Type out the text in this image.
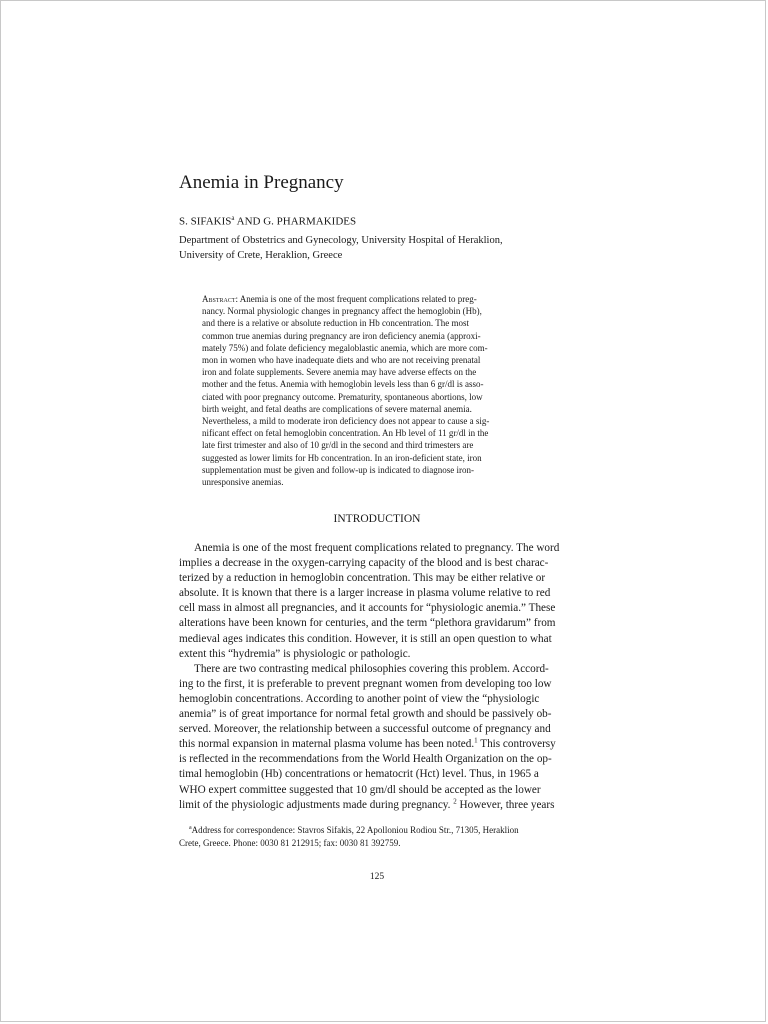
Anemia in Pregnancy
S. SIFAKIS$^a$ AND G. PHARMAKIDES
Department of Obstetrics and Gynecology, University Hospital of Heraklion,
University of Crete, Heraklion, Greece
Abstract: Anemia is one of the most frequent complications related to preg-
nancy. Normal physiologic changes in pregnancy affect the hemoglobin (Hb),
and there is a relative or absolute reduction in Hb concentration. The most
common true anemias during pregnancy are iron deficiency anemia (approxi-
mately 75%) and folate deficiency megaloblastic anemia, which are more com-
mon in women who have inadequate diets and who are not receiving prenatal
iron and folate supplements. Severe anemia may have adverse effects on the
mother and the fetus. Anemia with hemoglobin levels less than 6 gr/dl is asso-
ciated with poor pregnancy outcome. Prematurity, spontaneous abortions, low
birth weight, and fetal deaths are complications of severe maternal anemia.
Nevertheless, a mild to moderate iron deficiency does not appear to cause a sig-
nificant effect on fetal hemoglobin concentration. An Hb level of 11 gr/dl in the
late first trimester and also of 10 gr/dl in the second and third trimesters are
suggested as lower limits for Hb concentration. In an iron-deficient state, iron
supplementation must be given and follow-up is indicated to diagnose iron-
unresponsive anemias.
INTRODUCTION
Anemia is one of the most frequent complications related to pregnancy. The word
implies a decrease in the oxygen-carrying capacity of the blood and is best charac-
terized by a reduction in hemoglobin concentration. This may be either relative or
absolute. It is known that there is a larger increase in plasma volume relative to red
cell mass in almost all pregnancies, and it accounts for “physiologic anemia.” These
alterations have been known for centuries, and the term “plethora gravidarum” from
medieval ages indicates this condition. However, it is still an open question to what
extent this “hydremia” is physiologic or pathologic.
There are two contrasting medical philosophies covering this problem. Accord-
ing to the first, it is preferable to prevent pregnant women from developing too low
hemoglobin concentrations. According to another point of view the “physiologic
anemia” is of great importance for normal fetal growth and should be passively ob-
served. Moreover, the relationship between a successful outcome of pregnancy and
this normal expansion in maternal plasma volume has been noted.$^1$ This controversy
is reflected in the recommendations from the World Health Organization on the op-
timal hemoglobin (Hb) concentrations or hematocrit (Hct) level. Thus, in 1965 a
WHO expert committee suggested that 10 gm/dl should be accepted as the lower
limit of the physiologic adjustments made during pregnancy. $^2$ However, three years
$^a$Address for correspondence: Stavros Sifakis, 22 Apolloniou Rodiou Str., 71305, Heraklion
Crete, Greece. Phone: 0030 81 212915; fax: 0030 81 392759.
125
